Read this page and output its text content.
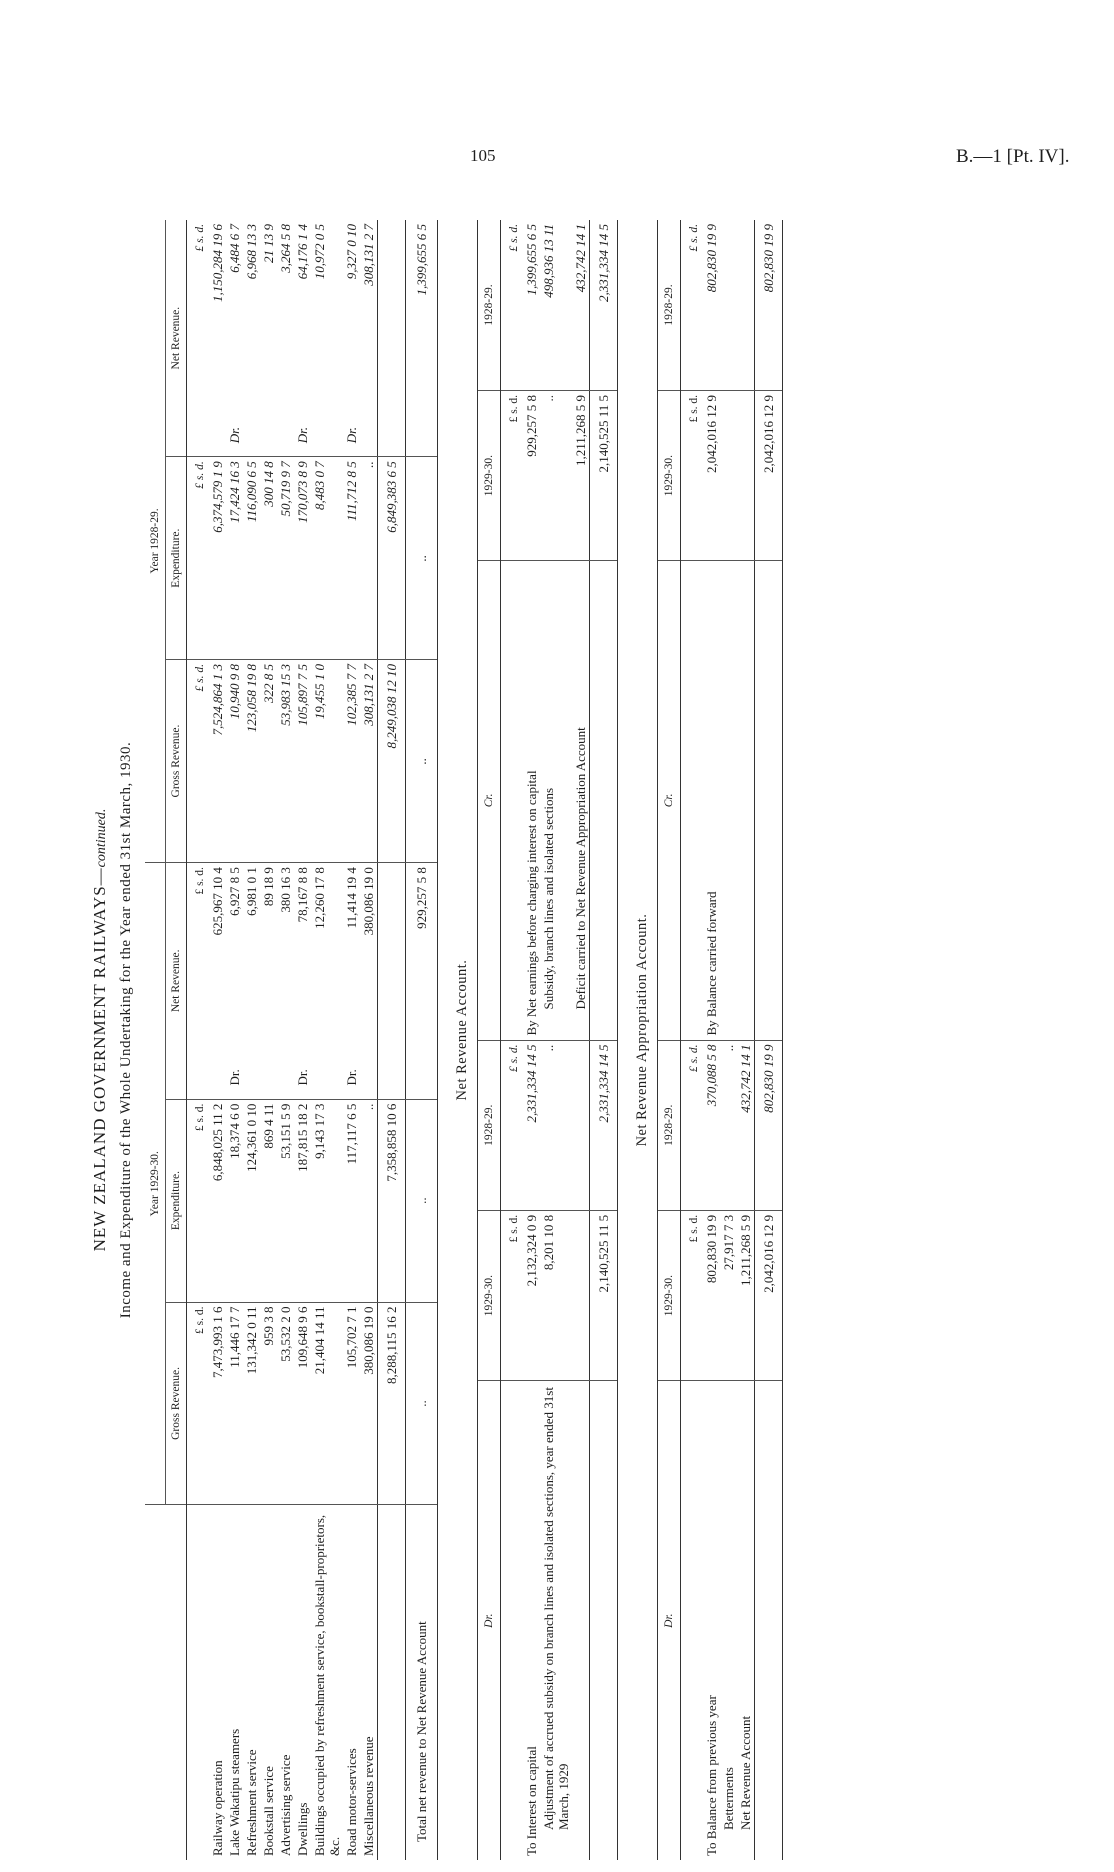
105	B.—1 [Pt. IV].
NEW ZEALAND GOVERNMENT RAILWAYS—continued. Income and Expenditure of the Whole Undertaking for the Year ended 31st March, 1930.
	Year 1929-30.				Year 1928-29.			
	Gross Revenue.	Expenditure.	Net Revenue.		Gross Revenue.	Expenditure.	Net Revenue.	
	£ s. d.	£ s. d.		£ s. d.	£ s. d.	£ s. d.		£ s. d.
Railway operation	7,473,993 1 6	6,848,025 11 2		625,967 10 4	7,524,864 1 3	6,374,579 1 9		1,150,284 19 6
Lake Wakatipu steamers	11,446 17 7	18,374 6 0	Dr.	6,927 8 5	10,940 9 8	17,424 16 3	Dr.	6,484 6 7
Refreshment service	131,342 0 11	124,361 0 10		6,981 0 1	123,058 19 8	116,090 6 5		6,968 13 3
Bookstall service	959 3 8	869 4 11		89 18 9	322 8 5	300 14 8		21 13 9
Advertising service	53,532 2 0	53,151 5 9		380 16 3	53,983 15 3	50,719 9 7		3,264 5 8
Dwellings	109,648 9 6	187,815 18 2	Dr.	78,167 8 8	105,897 7 5	170,073 8 9	Dr.	64,176 1 4
Buildings occupied by refreshment service, bookstall-proprietors, &c.	21,404 14 11	9,143 17 3		12,260 17 8	19,455 1 0	8,483 0 7		10,972 0 5
Road motor-services	105,702 7 1	117,117 6 5	Dr.	11,414 19 4	102,385 7 7	111,712 8 5	Dr.	9,327 0 10
Miscellaneous revenue	380,086 19 0	..		380,086 19 0	308,131 2 7	..		308,131 2 7
	8,288,115 16 2	7,358,858 10 6			8,249,038 12 10	6,849,383 6 5		
Total net revenue to Net Revenue Account	..	..		929,257 5 8	..	..		1,399,655 6 5
Net Revenue Account.
Dr.	1929-30.	1928-29.	Cr.	1929-30.	1928-29.
	£ s. d.	£ s. d.		£ s. d.	£ s. d.
To Interest on capital	2,132,324 0 9	2,331,334 14 5	By Net earnings before charging interest on capital	929,257 5 8	1,399,655 6 5
Adjustment of accrued subsidy on branch lines and isolated sections, year ended 31st March, 1929	8,201 10 8	..	Subsidy, branch lines and isolated sections	..	498,936 13 11
			Deficit carried to Net Revenue Appropriation Account	1,211,268 5 9	432,742 14 1
	2,140,525 11 5	2,331,334 14 5		2,140,525 11 5	2,331,334 14 5
Net Revenue Appropriation Account.
Dr.	1929-30.	1928-29.	Cr.	1929-30.	1928-29.
	£ s. d.	£ s. d.		£ s. d.	£ s. d.
To Balance from previous year	802,830 19 9	370,088 5 8	By Balance carried forward	2,042,016 12 9	802,830 19 9
Betterments	27,917 7 3	..			
Net Revenue Account	1,211,268 5 9	432,742 14 1			
	2,042,016 12 9	802,830 19 9		2,042,016 12 9	802,830 19 9
